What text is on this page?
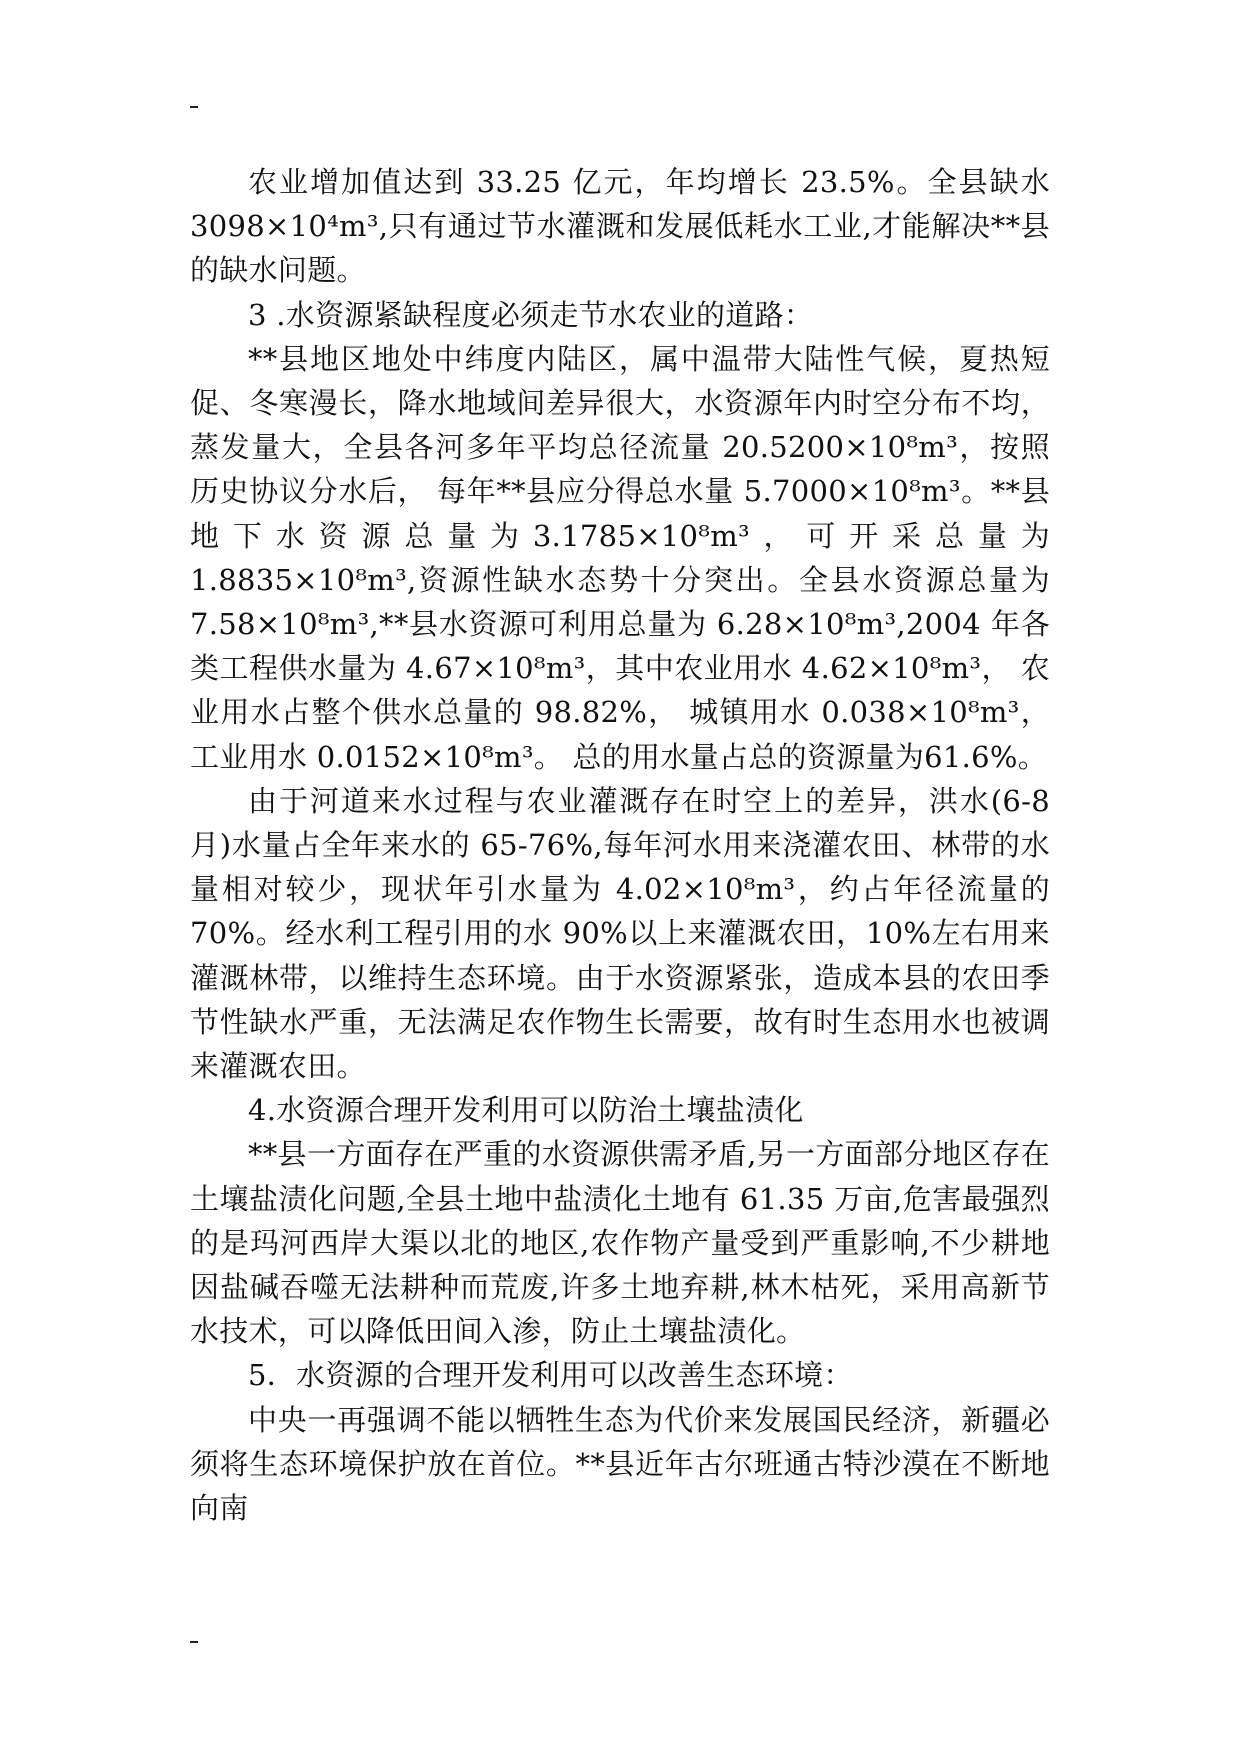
农业增加值达到 33.25 亿元，年均增长 23.5%。全县缺水 3098×10⁴m³,只有通过节水灌溉和发展低耗水工业,才能解决**县的缺水问题。

3 .水资源紧缺程度必须走节水农业的道路：

**县地区地处中纬度内陆区，属中温带大陆性气候，夏热短促、冬寒漫长，降水地域间差异很大，水资源年内时空分布不均，蒸发量大，全县各河多年平均总径流量 20.5200×10⁸m³，按照历史协议分水后， 每年**县应分得总水量 5.7000×10⁸m³。**县地下水资源总量为3.1785×10⁸m³，可开采总量为 1.8835×10⁸m³,资源性缺水态势十分突出。全县水资源总量为 7.58×10⁸m³,**县水资源可利用总量为 6.28×10⁸m³,2004 年各类工程供水量为 4.67×10⁸m³，其中农业用水 4.62×10⁸m³， 农业用水占整个供水总量的 98.82%， 城镇用水 0.038×10⁸m³， 工业用水 0.0152×10⁸m³。 总的用水量占总的资源量为61.6%。

由于河道来水过程与农业灌溉存在时空上的差异，洪水(6-8 月)水量占全年来水的 65-76%,每年河水用来浇灌农田、林带的水量相对较少，现状年引水量为 4.02×10⁸m³，约占年径流量的 70%。经水利工程引用的水 90%以上来灌溉农田，10%左右用来灌溉林带，以维持生态环境。由于水资源紧张，造成本县的农田季节性缺水严重，无法满足农作物生长需要，故有时生态用水也被调来灌溉农田。

4.水资源合理开发利用可以防治土壤盐渍化

**县一方面存在严重的水资源供需矛盾,另一方面部分地区存在土壤盐渍化问题,全县土地中盐渍化土地有 61.35 万亩,危害最强烈的是玛河西岸大渠以北的地区,农作物产量受到严重影响,不少耕地因盐碱吞噬无法耕种而荒废,许多土地弃耕,林木枯死，采用高新节水技术，可以降低田间入渗，防止土壤盐渍化。

5．水资源的合理开发利用可以改善生态环境：

中央一再强调不能以牺牲生态为代价来发展国民经济，新疆必须将生态环境保护放在首位。**县近年古尔班通古特沙漠在不断地向南
